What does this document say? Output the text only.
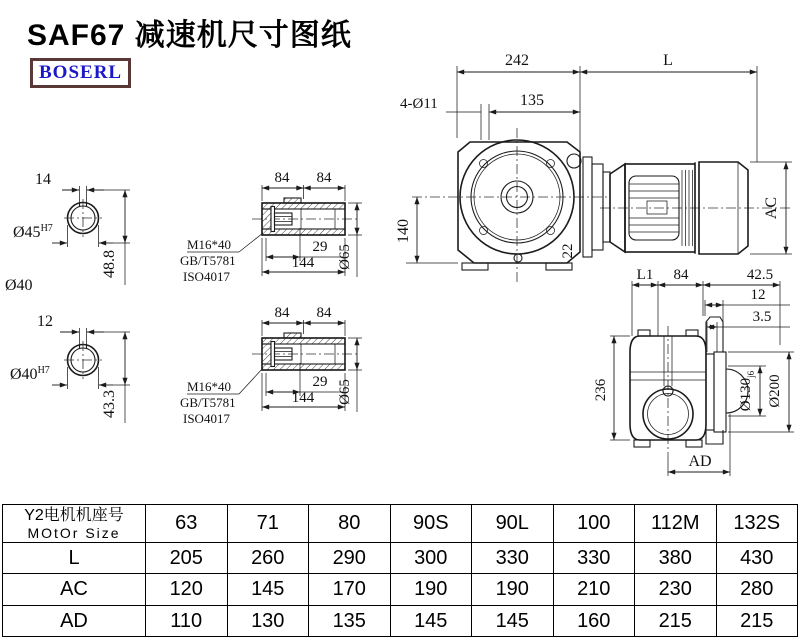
SAF67 减速机尺寸图纸
BOSERL
242	L
4-Ø11	135
140
22
AC
14
$Ø45^{H7}$
48.8
Ø40
12
$Ø40^{H7}$
43.3
84 84
29
144 Ø65
M16*40
GB/T5781
ISO4017
84 84
29
144 Ø65
M16*40
GB/T5781
ISO4017
L1 84	42.5
12
3.5
236	$Ø130_{j6}$ Ø200
AD
Y2电机机座号
MOtOr Size	63	71	80	90S	90L	100	112M	132S
L	205	260	290	300	330	330	380	430
AC	120	145	170	190	190	210	230	280
AD	110	130	135	145	145	160	215	215
